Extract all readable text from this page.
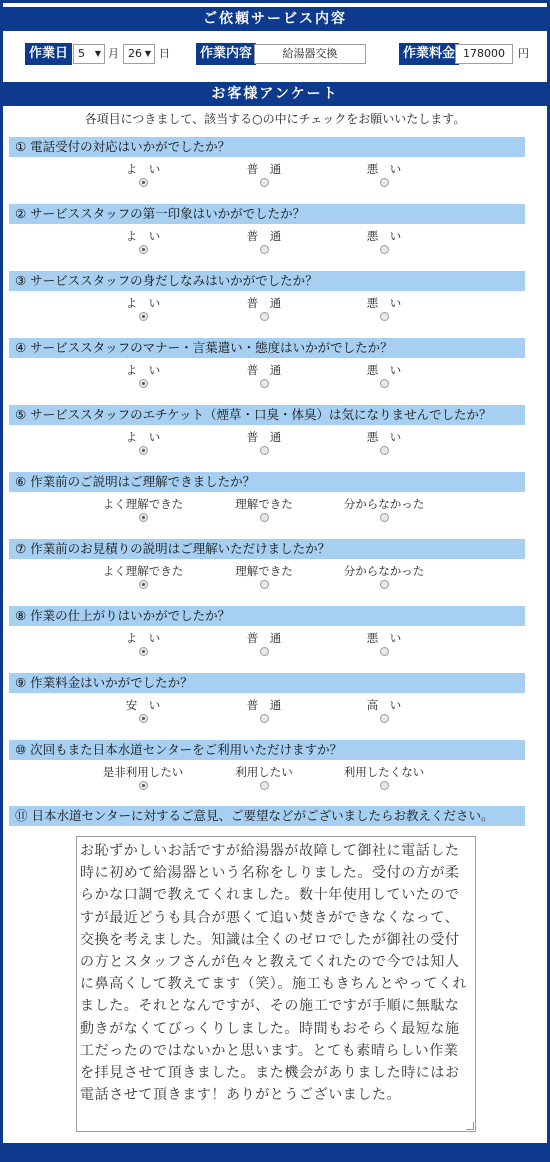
ご依頼サービス内容
作業日 5 ▼ 月 26 ▼ 日	作業内容	給湯器交換	作業料金 178000	円
お客様アンケート
各項目につきまして、該当する○の中にチェックをお願いいたします。
① 電話受付の対応はいかがでしたか？
よ　い	普　通	悪　い
② サービススタッフの第一印象はいかがでしたか？
よ　い	普　通	悪　い
③ サービススタッフの身だしなみはいかがでしたか？
よ　い	普　通	悪　い
④ サービススタッフのマナー・言葉遣い・態度はいかがでしたか？
よ　い	普　通	悪　い
⑤ サービススタッフのエチケット（煙草・口臭・体臭）は気になりませんでしたか？
よ　い	普　通	悪　い
⑥ 作業前のご説明はご理解できましたか？
よく理解できた	理解できた	分からなかった
⑦ 作業前のお見積りの説明はご理解いただけましたか？
よく理解できた	理解できた	分からなかった
⑧ 作業の仕上がりはいかがでしたか？
よ　い	普　通	悪　い
⑨ 作業料金はいかがでしたか？
安　い	普　通	高　い
⑩ 次回もまた日本水道センターをご利用いただけますか？
是非利用したい	利用したい	利用したくない
⑪ 日本水道センターに対するご意見、ご要望などがございましたらお教えください。
お恥ずかしいお話ですが給湯器が故障して御社に電話した時に初めて給湯器という名称をしりました。受付の方が柔らかな口調で教えてくれました。数十年使用していたのですが最近どうも具合が悪くて追い焚きができなくなって、交換を考えました。知識は全くのゼロでしたが御社の受付の方とスタッフさんが色々と教えてくれたので今では知人に鼻高くして教えてます（笑）。施工もきちんとやってくれました。それとなんですが、その施工ですが手順に無駄な動きがなくてびっくりしました。時間もおそらく最短な施工だったのではないかと思います。とても素晴らしい作業を拝見させて頂きました。また機会がありました時にはお電話させて頂きます！ありがとうございました。
